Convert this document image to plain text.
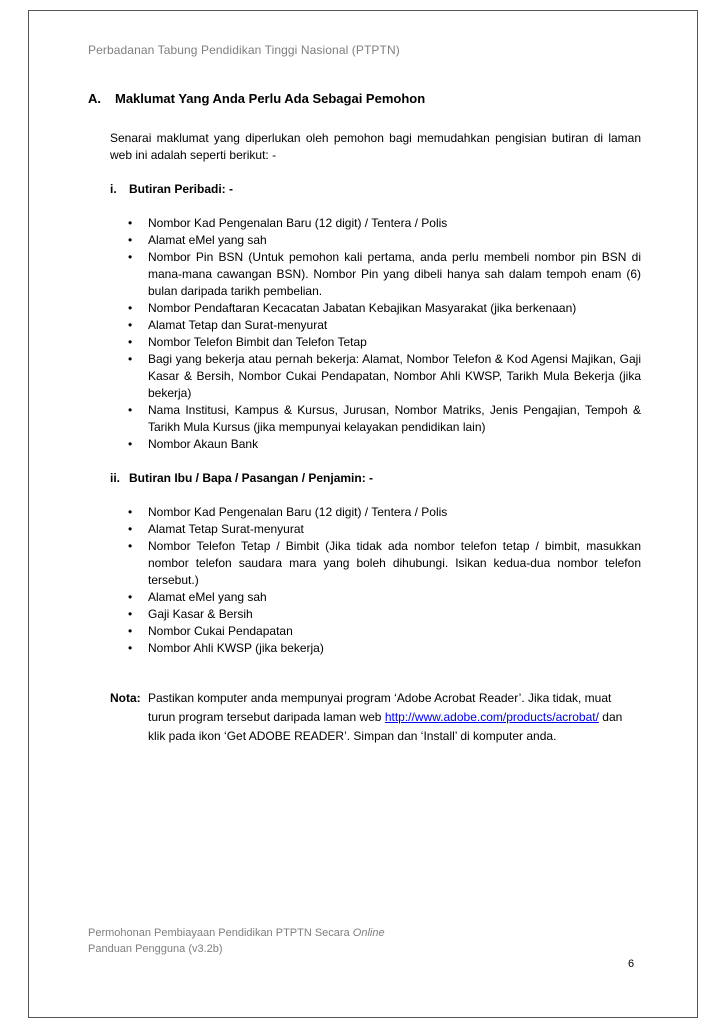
Perbadanan Tabung Pendidikan Tinggi Nasional (PTPTN)
A. Maklumat Yang Anda Perlu Ada Sebagai Pemohon

Senarai maklumat yang diperlukan oleh pemohon bagi memudahkan pengisian butiran di laman web ini adalah seperti berikut: -

i. Butiran Peribadi: -

• Nombor Kad Pengenalan Baru (12 digit) / Tentera / Polis
• Alamat eMel yang sah
• Nombor Pin BSN (Untuk pemohon kali pertama, anda perlu membeli nombor pin BSN di mana-mana cawangan BSN). Nombor Pin yang dibeli hanya sah dalam tempoh enam (6) bulan daripada tarikh pembelian.
• Nombor Pendaftaran Kecacatan Jabatan Kebajikan Masyarakat (jika berkenaan)
• Alamat Tetap dan Surat-menyurat
• Nombor Telefon Bimbit dan Telefon Tetap
• Bagi yang bekerja atau pernah bekerja: Alamat, Nombor Telefon & Kod Agensi Majikan, Gaji Kasar & Bersih, Nombor Cukai Pendapatan, Nombor Ahli KWSP, Tarikh Mula Bekerja (jika bekerja)
• Nama Institusi, Kampus & Kursus, Jurusan, Nombor Matriks, Jenis Pengajian, Tempoh & Tarikh Mula Kursus (jika mempunyai kelayakan pendidikan lain)
• Nombor Akaun Bank

ii. Butiran Ibu / Bapa / Pasangan / Penjamin: -

• Nombor Kad Pengenalan Baru (12 digit) / Tentera / Polis
• Alamat Tetap Surat-menyurat
• Nombor Telefon Tetap / Bimbit (Jika tidak ada nombor telefon tetap / bimbit, masukkan nombor telefon saudara mara yang boleh dihubungi. Isikan kedua-dua nombor telefon tersebut.)
• Alamat eMel yang sah
• Gaji Kasar & Bersih
• Nombor Cukai Pendapatan
• Nombor Ahli KWSP (jika bekerja)
Nota: Pastikan komputer anda mempunyai program ‘Adobe Acrobat Reader’. Jika tidak, muat turun program tersebut daripada laman web http://www.adobe.com/products/acrobat/ dan klik pada ikon ‘Get ADOBE READER’. Simpan dan ‘Install’ di komputer anda.
Permohonan Pembiayaan Pendidikan PTPTN Secara Online
Panduan Pengguna (v3.2b)
6
